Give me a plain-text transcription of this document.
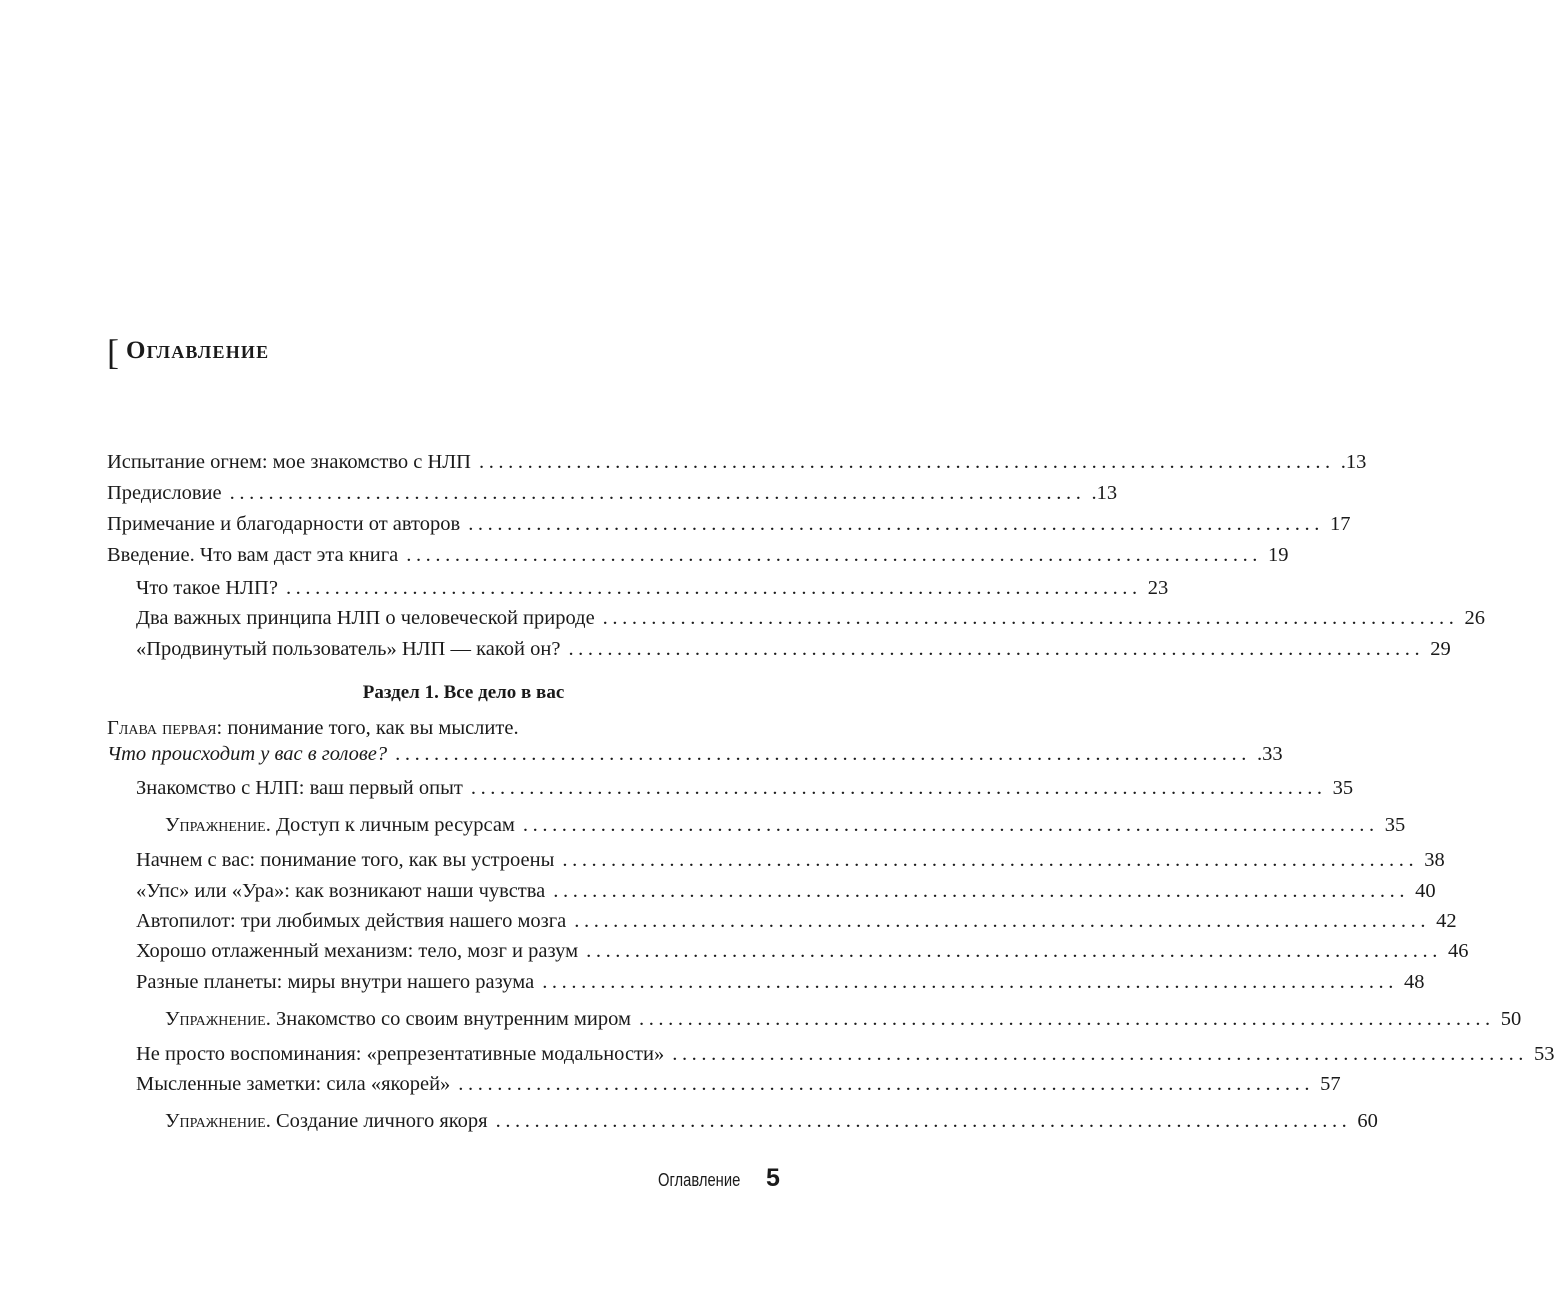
[ Оглавление
Испытание огнем: мое знакомство с НЛП ........................................................................................ .13
Предисловие ........................................................................................ .13
Примечание и благодарности от авторов ........................................................................................ 17
Введение. Что вам даст эта книга ........................................................................................ 19
Что такое НЛП? ........................................................................................ 23
Два важных принципа НЛП о человеческой природе ........................................................................................ 26
«Продвинутый пользователь» НЛП — какой он? ........................................................................................ 29
Раздел 1. Все дело в вас
Глава первая: понимание того, как вы мыслите.
Что происходит у вас в голове? ........................................................................................ .33
Знакомство с НЛП: ваш первый опыт ........................................................................................ 35
Упражнение. Доступ к личным ресурсам ........................................................................................ 35
Начнем с вас: понимание того, как вы устроены ........................................................................................ 38
«Упс» или «Ура»: как возникают наши чувства ........................................................................................ 40
Автопилот: три любимых действия нашего мозга ........................................................................................ 42
Хорошо отлаженный механизм: тело, мозг и разум ........................................................................................ 46
Разные планеты: миры внутри нашего разума ........................................................................................ 48
Упражнение. Знакомство со своим внутренним миром ........................................................................................ 50
Не просто воспоминания: «репрезентативные модальности» ........................................................................................ 53
Мысленные заметки: сила «якорей» ........................................................................................ 57
Упражнение. Создание личного якоря ........................................................................................ 60
Оглавление 5
